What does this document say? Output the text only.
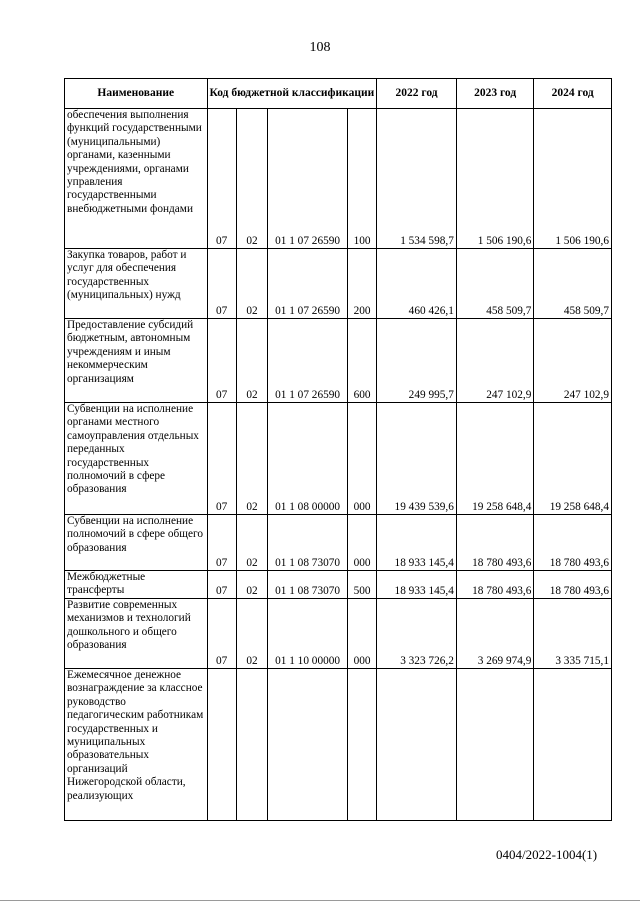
108
Наименование	Код бюджетной классификации				2022 год	2023 год	2024 год
обеспечения выполнения функций государственными (муниципальными) органами, казенными учреждениями, органами управления государственными внебюджетными фондами	07	02	01 1 07 26590	100	1 534 598,7	1 506 190,6	1 506 190,6
Закупка товаров, работ и услуг для обеспечения государственных (муниципальных) нужд	07	02	01 1 07 26590	200	460 426,1	458 509,7	458 509,7
Предоставление субсидий бюджетным, автономным учреждениям и иным некоммерческим организациям	07	02	01 1 07 26590	600	249 995,7	247 102,9	247 102,9
Субвенции на исполнение органами местного самоуправления отдельных переданных государственных полномочий в сфере образования	07	02	01 1 08 00000	000	19 439 539,6	19 258 648,4	19 258 648,4
Субвенции на исполнение полномочий в сфере общего образования	07	02	01 1 08 73070	000	18 933 145,4	18 780 493,6	18 780 493,6
Межбюджетные трансферты	07	02	01 1 08 73070	500	18 933 145,4	18 780 493,6	18 780 493,6
Развитие современных механизмов и технологий дошкольного и общего образования	07	02	01 1 10 00000	000	3 323 726,2	3 269 974,9	3 335 715,1
Ежемесячное денежное вознаграждение за классное руководство педагогическим работникам государственных и муниципальных образовательных организаций Нижегородской области, реализующих							
0404/2022-1004(1)
